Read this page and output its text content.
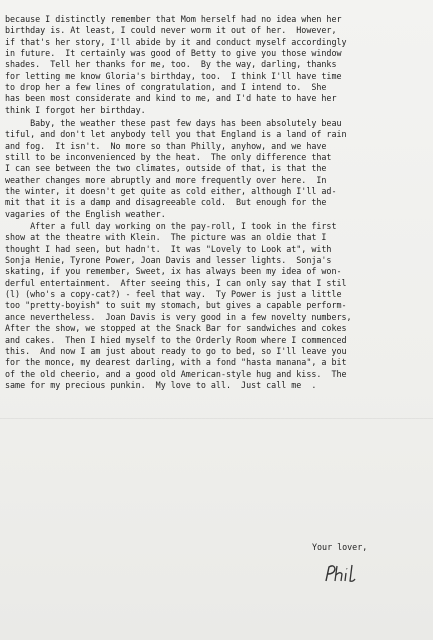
because I distinctly remember that Mom herself had no idea when her
birthday is. At least, I could never worm it out of her.  However,
if that's her story, I'll abide by it and conduct myself accordingly
in future.  It certainly was good of Betty to give you those window
shades.  Tell her thanks for me, too.  By the way, darling, thanks
for letting me know Gloria's birthday, too.  I think I'll have time
to drop her a few lines of congratulation, and I intend to.  She
has been most considerate and kind to me, and I'd hate to have her
think I forgot her birthday.
Baby, the weather these past few days has been absolutely beau
tiful, and don't let anybody tell you that England is a land of rain
and fog.  It isn't.  No more so than Philly, anyhow, and we have
still to be inconvenienced by the heat.  The only difference that
I can see between the two climates, outside of that, is that the
weather changes more abruptly and more frequently over here.  In
the winter, it doesn't get quite as cold either, although I'll ad-
mit that it is a damp and disagreeable cold.  But enough for the
vagaries of the English weather.
After a full day working on the pay-roll, I took in the first
show at the theatre with Klein.  The picture was an oldie that I
thought I had seen, but hadn't.  It was "Lovely to Look at", with
Sonja Henie, Tyrone Power, Joan Davis and lesser lights.  Sonja's
skating, if you remember, Sweet, ix has always been my idea of won-
derful entertainment.  After seeing this, I can only say that I stil
(l) (who's a copy-cat?) - feel that way.  Ty Power is just a little
too "pretty-boyish" to suit my stomach, but gives a capable perform-
ance nevertheless.  Joan Davis is very good in a few novelty numbers,
After the show, we stopped at the Snack Bar for sandwiches and cokes
and cakes.  Then I hied myself to the Orderly Room where I commenced
this.  And now I am just about ready to go to bed, so I'll leave you
for the monce, my dearest darling, with a fond "hasta manana", a bit
of the old cheerio, and a good old American-style hug and kiss.  The
same for my precious punkin.  My love to all.  Just call me  .
Your lover,
